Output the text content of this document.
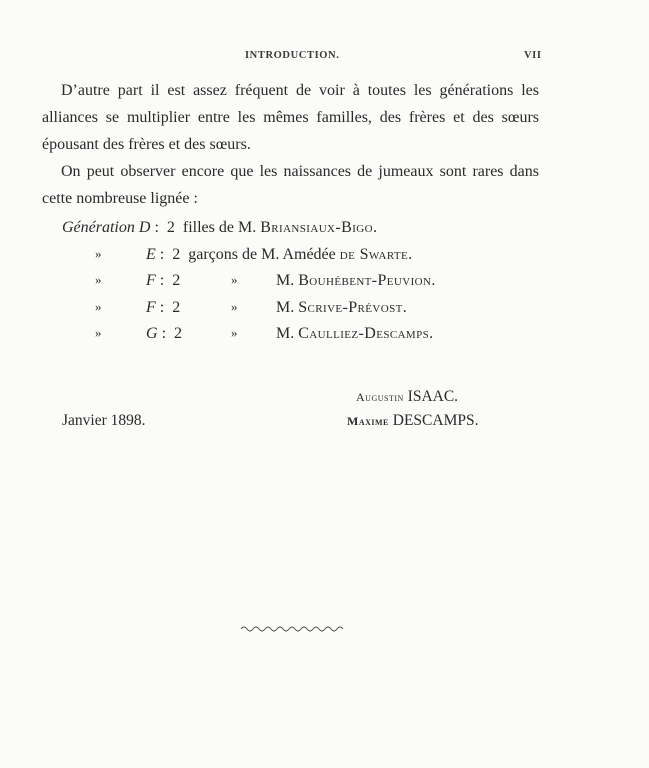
INTRODUCTION.	VII

D’autre part il est assez fréquent de voir à toutes les générations les alliances se multiplier entre les mêmes familles, des frères et des sœurs épousant des frères et des sœurs.

On peut observer encore que les naissances de jumeaux sont rares dans cette nombreuse lignée :

Génération D : 2 filles de M. Briansiaux-Bigo.
»	E : 2 garçons de M. Amédée de Swarte.
»	F : 2	» M. Bouhébent-Peuvion.
»	F : 2	» M. Scrive-Prévost.
»	G : 2	» M. Caulliez-Descamps.
Augustin ISAAC.
Maxime DESCAMPS.
Janvier 1898.
